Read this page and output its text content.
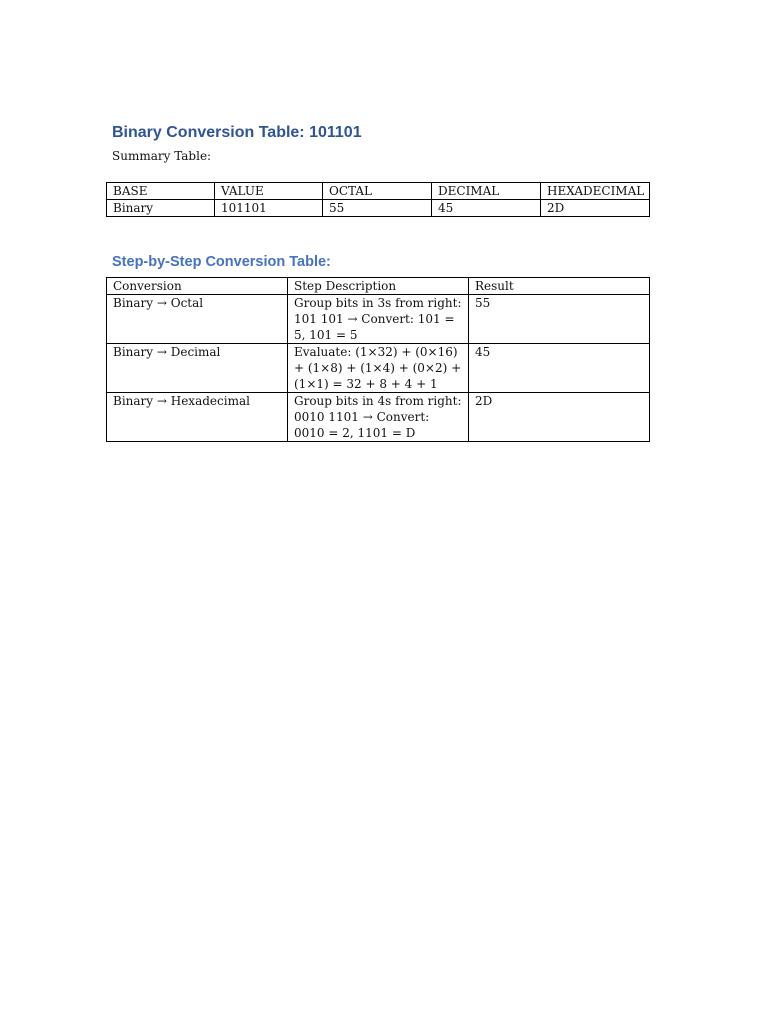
Binary Conversion Table: 101101

Summary Table:

BASE	VALUE	OCTAL	DECIMAL	HEXADECIMAL
Binary	101101	55	45	2D
Step-by-Step Conversion Table:
Conversion	Step Description	Result
Binary → Octal	Group bits in 3s from right: 101 101 → Convert: 101 = 5, 101 = 5	55
Binary → Decimal	Evaluate: (1×32) + (0×16) + (1×8) + (1×4) + (0×2) + (1×1) = 32 + 8 + 4 + 1	45
Binary → Hexadecimal	Group bits in 4s from right: 0010 1101 → Convert: 0010 = 2, 1101 = D	2D
